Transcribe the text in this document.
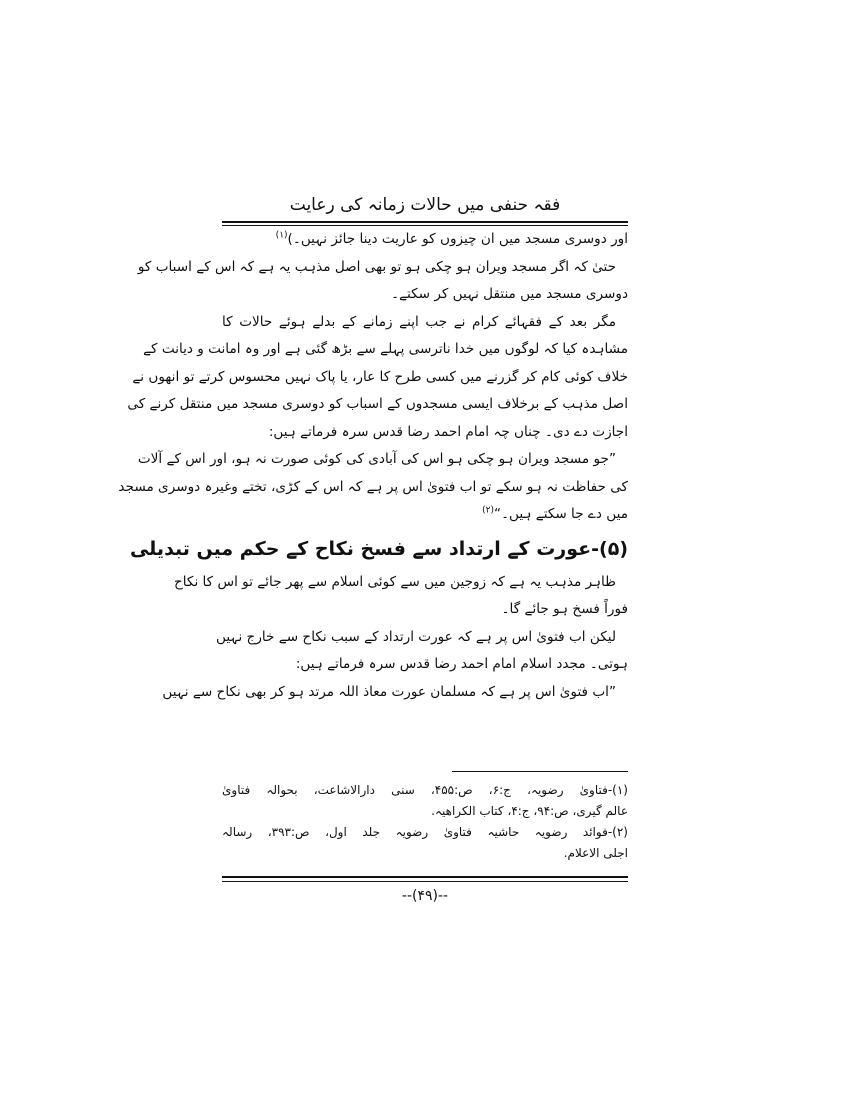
فقہ حنفی میں حالات زمانہ کی رعایت
اور دوسری مسجد میں ان چیزوں کو عاریت دینا جائز نہیں۔)$^{(۱)}$
حتیٰ کہ اگر مسجد ویران ہو چکی ہو تو بھی اصل مذہب یہ ہے کہ اس کے اسباب کو
دوسری مسجد میں منتقل نہیں کر سکتے۔
مگر بعد کے فقہائے کرام نے جب اپنے زمانے کے بدلے ہوئے حالات کا
مشاہدہ کیا کہ لوگوں میں خدا ناترسی پہلے سے بڑھ گئی ہے اور وہ امانت و دیانت کے
خلاف کوئی کام کر گزرنے میں کسی طرح کا عار، یا پاک نہیں محسوس کرتے تو انھوں نے
اصل مذہب کے برخلاف ایسی مسجدوں کے اسباب کو دوسری مسجد میں منتقل کرنے کی
اجازت دے دی۔ چناں چہ امام احمد رضا قدس سرہ فرماتے ہیں:
”جو مسجد ویران ہو چکی ہو اس کی آبادی کی کوئی صورت نہ ہو، اور اس کے آلات
کی حفاظت نہ ہو سکے تو اب فتویٰ اس پر ہے کہ اس کے کڑی، تختے وغیرہ دوسری مسجد
میں دے جا سکتے ہیں۔“$^{(۲)}$
(۵)-عورت کے ارتداد سے فسخ نکاح کے حکم میں تبدیلی
ظاہر مذہب یہ ہے کہ زوجین میں سے کوئی اسلام سے پھر جائے تو اس کا نکاح
فوراً فسخ ہو جائے گا۔
لیکن اب فتویٰ اس پر ہے کہ عورت ارتداد کے سبب نکاح سے خارج نہیں
ہوتی۔ مجدد اسلام امام احمد رضا قدس سرہ فرماتے ہیں:
”اب فتویٰ اس پر ہے کہ مسلمان عورت معاذ اللہ مرتد ہو کر بھی نکاح سے نہیں
(۱)-فتاویٰ رضویہ، ج:۶، ص:۴۵۵، سنی دارالاشاعت، بحوالہ فتاویٰ
عالم گیری، ص:۹۴، ج:۴، کتاب الکراھیہ.
(۲)-فوائد رضویہ حاشیہ فتاویٰ رضویہ جلد اول، ص:۳۹۳، رسالہ
اجلی الاعلام.
--(۴۹)--
